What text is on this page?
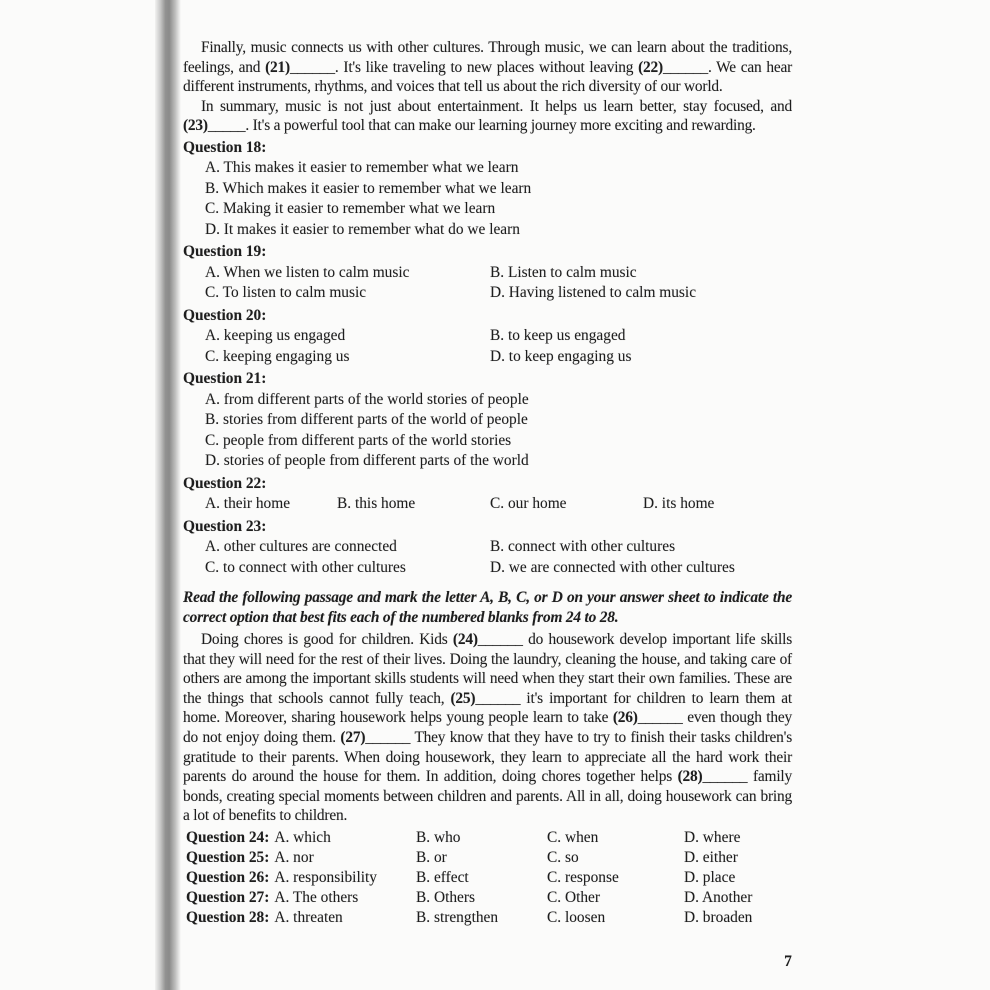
Finally, music connects us with other cultures. Through music, we can learn about the traditions, feelings, and (21)______. It's like traveling to new places without leaving (22)______. We can hear different instruments, rhythms, and voices that tell us about the rich diversity of our world.

In summary, music is not just about entertainment. It helps us learn better, stay focused, and (23)_____. It's a powerful tool that can make our learning journey more exciting and rewarding.

Question 18:
A. This makes it easier to remember what we learn
B. Which makes it easier to remember what we learn
C. Making it easier to remember what we learn
D. It makes it easier to remember what do we learn
Question 19:
A. When we listen to calm music	B. Listen to calm music
C. To listen to calm music	D. Having listened to calm music
Question 20:
A. keeping us engaged	B. to keep us engaged
C. keeping engaging us	D. to keep engaging us
Question 21:
A. from different parts of the world stories of people
B. stories from different parts of the world of people
C. people from different parts of the world stories
D. stories of people from different parts of the world
Question 22:
A. their home	B. this home	C. our home	D. its home
Question 23:
A. other cultures are connected	B. connect with other cultures
C. to connect with other cultures	D. we are connected with other cultures

Read the following passage and mark the letter A, B, C, or D on your answer sheet to indicate the correct option that best fits each of the numbered blanks from 24 to 28.

Doing chores is good for children. Kids (24)______ do housework develop important life skills that they will need for the rest of their lives. Doing the laundry, cleaning the house, and taking care of others are among the important skills students will need when they start their own families. These are the things that schools cannot fully teach, (25)______ it's important for children to learn them at home. Moreover, sharing housework helps young people learn to take (26)______ even though they do not enjoy doing them. (27)______ They know that they have to try to finish their tasks children's gratitude to their parents. When doing housework, they learn to appreciate all the hard work their parents do around the house for them. In addition, doing chores together helps (28)______ family bonds, creating special moments between children and parents. All in all, doing housework can bring a lot of benefits to children.

Question 24: A. which	B. who	C. when	D. where
Question 25: A. nor	B. or	C. so	D. either
Question 26: A. responsibility	B. effect	C. response	D. place
Question 27: A. The others	B. Others	C. Other	D. Another
Question 28: A. threaten	B. strengthen	C. loosen	D. broaden
7
